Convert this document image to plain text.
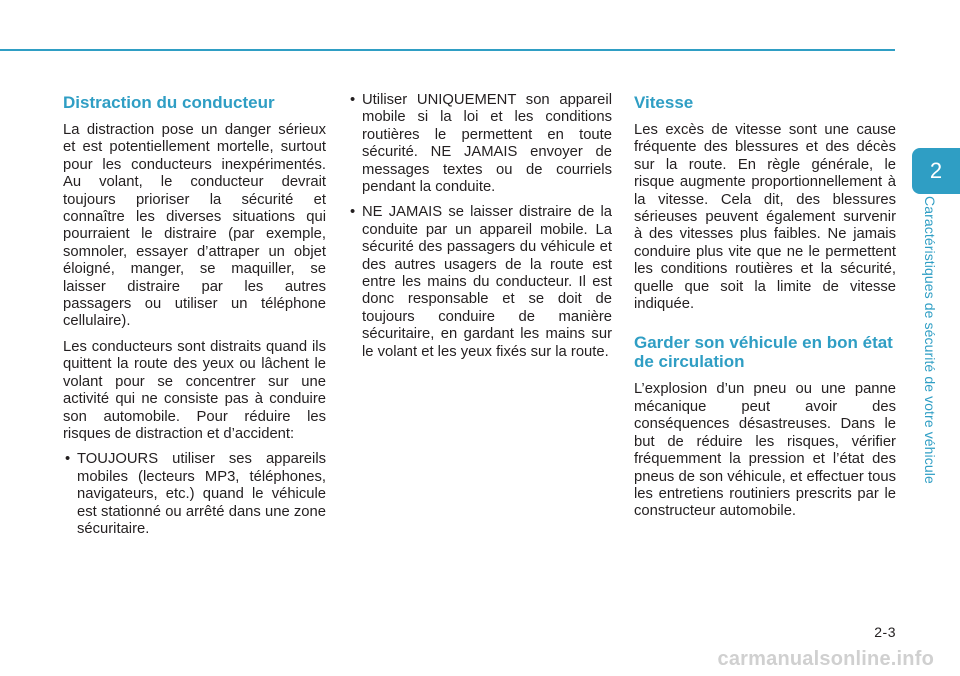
Distraction du conducteur

La distraction pose un danger sérieux et est potentiellement mortelle, surtout pour les conducteurs inexpérimentés. Au volant, le conducteur devrait toujours prioriser la sécurité et connaître les diverses situations qui pourraient le distraire (par exemple, somnoler, essayer d’attraper un objet éloigné, manger, se maquiller, se laisser distraire par les autres passagers ou utiliser un téléphone cellulaire).

Les conducteurs sont distraits quand ils quittent la route des yeux ou lâchent le volant pour se concentrer sur une activité qui ne consiste pas à conduire son automobile. Pour réduire les risques de distraction et d’accident:

• TOUJOURS utiliser ses appareils mobiles (lecteurs MP3, téléphones, navigateurs, etc.) quand le véhicule est stationné ou arrêté dans une zone sécuritaire.
• Utiliser UNIQUEMENT son appareil mobile si la loi et les conditions routières le permettent en toute sécurité. NE JAMAIS envoyer de messages textes ou de courriels pendant la conduite.
• NE JAMAIS se laisser distraire de la conduite par un appareil mobile. La sécurité des passagers du véhicule et des autres usagers de la route est entre les mains du conducteur. Il est donc responsable et se doit de toujours conduire de manière sécuritaire, en gardant les mains sur le volant et les yeux fixés sur la route.
Vitesse

Les excès de vitesse sont une cause fréquente des blessures et des décès sur la route. En règle générale, le risque augmente proportionnellement à la vitesse. Cela dit, des blessures sérieuses peuvent également survenir à des vitesses plus faibles. Ne jamais conduire plus vite que ne le permettent les conditions routières et la sécurité, quelle que soit la limite de vitesse indiquée.

Garder son véhicule en bon état de circulation

L’explosion d’un pneu ou une panne mécanique peut avoir des conséquences désastreuses. Dans le but de réduire les risques, vérifier fréquemment la pression et l’état des pneus de son véhicule, et effectuer tous les entretiens routiniers prescrits par le constructeur automobile.

2
Caractéristiques de sécurité de votre véhicule
2-3
carmanualsonline.info
